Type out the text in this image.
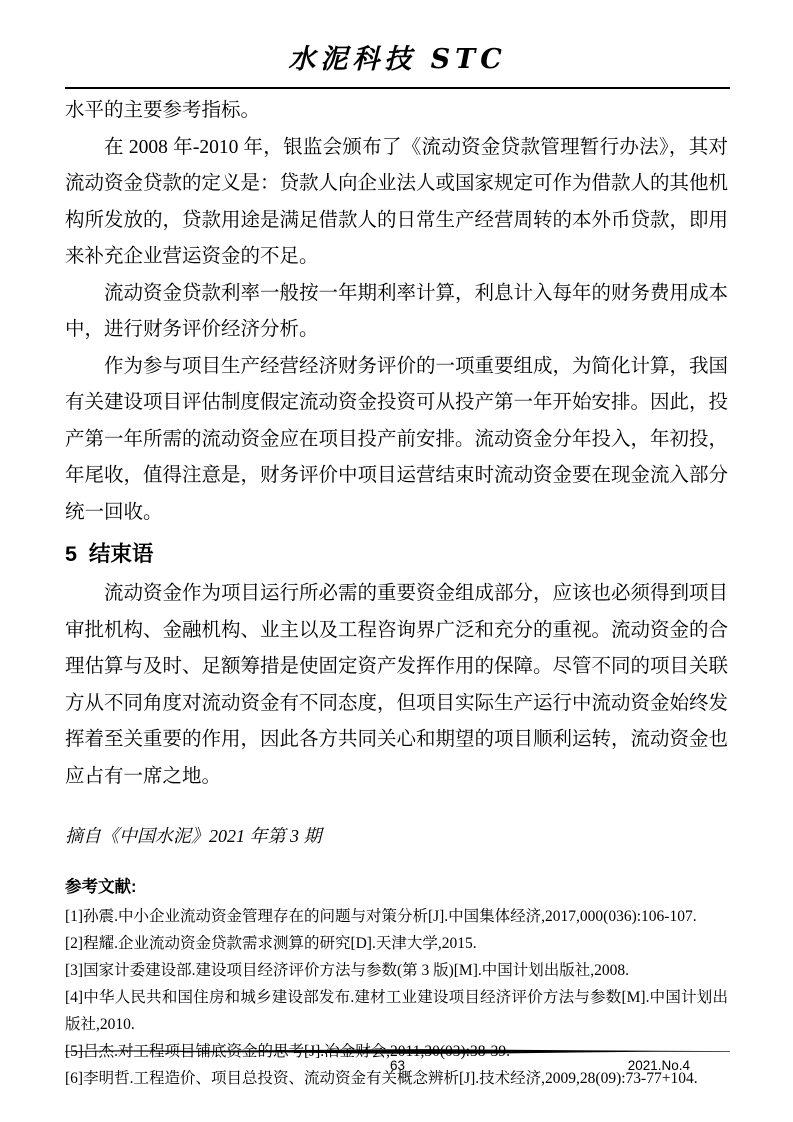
水泥科技 STC

水平的主要参考指标。

在 2008 年-2010 年，银监会颁布了《流动资金贷款管理暂行办法》，其对流动资金贷款的定义是：贷款人向企业法人或国家规定可作为借款人的其他机构所发放的，贷款用途是满足借款人的日常生产经营周转的本外币贷款，即用来补充企业营运资金的不足。

流动资金贷款利率一般按一年期利率计算，利息计入每年的财务费用成本中，进行财务评价经济分析。

作为参与项目生产经营经济财务评价的一项重要组成，为简化计算，我国有关建设项目评估制度假定流动资金投资可从投产第一年开始安排。因此，投产第一年所需的流动资金应在项目投产前安排。流动资金分年投入，年初投，年尾收，值得注意是，财务评价中项目运营结束时流动资金要在现金流入部分统一回收。

5  结束语

流动资金作为项目运行所必需的重要资金组成部分，应该也必须得到项目审批机构、金融机构、业主以及工程咨询界广泛和充分的重视。流动资金的合理估算与及时、足额筹措是使固定资产发挥作用的保障。尽管不同的项目关联方从不同角度对流动资金有不同态度，但项目实际生产运行中流动资金始终发挥着至关重要的作用，因此各方共同关心和期望的项目顺利运转，流动资金也应占有一席之地。

摘自《中国水泥》2021 年第 3 期

参考文献:
[1]孙震.中小企业流动资金管理存在的问题与对策分析[J].中国集体经济,2017,000(036):106-107.
[2]程耀.企业流动资金贷款需求测算的研究[D].天津大学,2015.
[3]国家计委建设部.建设项目经济评价方法与参数(第 3 版)[M].中国计划出版社,2008.
[4]中华人民共和国住房和城乡建设部发布.建材工业建设项目经济评价方法与参数[M].中国计划出版社,2010.
[6]李明哲.工程造价、项目总投资、流动资金有关概念辨析[J].技术经济,2009,28(09):73-77+104.
63	2021.No.4
